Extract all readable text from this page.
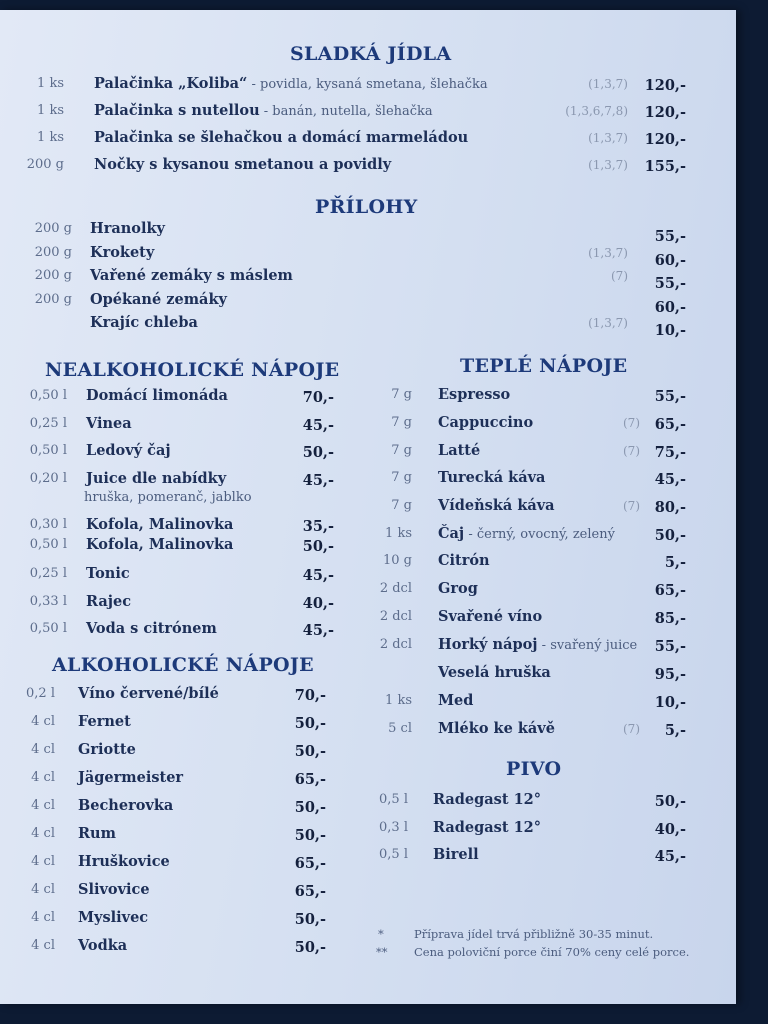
SLADKÁ JÍDLA
PŘÍLOHY
NEALKOHOLICKÉ NÁPOJE	TEPLÉ NÁPOJE
ALKOHOLICKÉ NÁPOJE
PIVO
hruška, pomeranč, jablko
*	Příprava jídel trvá přibližně 30-35 minut.
** Cena poloviční porce činí 70% ceny celé porce.
1 ks Palačinka „Koliba“ - povidla, kysaná smetana, šlehačka	(1,3,7) 120,-
1 ks Palačinka s nutellou - banán, nutella, šlehačka	(1,3,6,7,8) 120,-
1 ks Palačinka se šlehačkou a domácí marmeládou	(1,3,7) 120,-
200 g Nočky s kysanou smetanou a povidly	(1,3,7) 155,-
200 g Hranolky	55,-
200 g Krokety	(1,3,7) 60,-
200 g Vařené zemáky s máslem	(7) 55,-
200 g Opékané zemáky	60,-
Krajíc chleba	(1,3,7) 10,-
0,50 l Domácí limonáda	70,-
0,25 l Vinea	45,-
0,50 l Ledový čaj	50,-
0,20 l Juice dle nabídky	45,-
0,30 l Kofola, Malinovka	35,-
0,50 l Kofola, Malinovka	50,-
0,25 l Tonic	45,-
0,33 l Rajec	40,-
0,50 l Voda s citrónem	45,-
7 g Espresso	55,-
7 g Cappuccino	(7) 65,-
7 g Latté	(7) 75,-
7 g Turecká káva	45,-
7 g Vídeňská káva	(7) 80,-
1 ks Čaj - černý, ovocný, zelený	50,-
10 g Citrón	5,-
2 dcl Grog	65,-
2 dcl Svařené víno	85,-
2 dcl Horký nápoj - svařený juice 55,-
Veselá hruška	95,-
1 ks Med	10,-
5 cl Mléko ke kávě	(7) 5,-
0,2 l Víno červené/bílé	70,-
4 cl Fernet	50,-
4 cl Griotte	50,-
4 cl Jägermeister	65,-
4 cl Becherovka	50,-
4 cl Rum	50,-
4 cl Hruškovice	65,-
4 cl Slivovice	65,-
4 cl Myslivec	50,-
4 cl Vodka	50,-
0,5 l Radegast 12°	50,-
0,3 l Radegast 12°	40,-
0,5 l Birell	45,-
